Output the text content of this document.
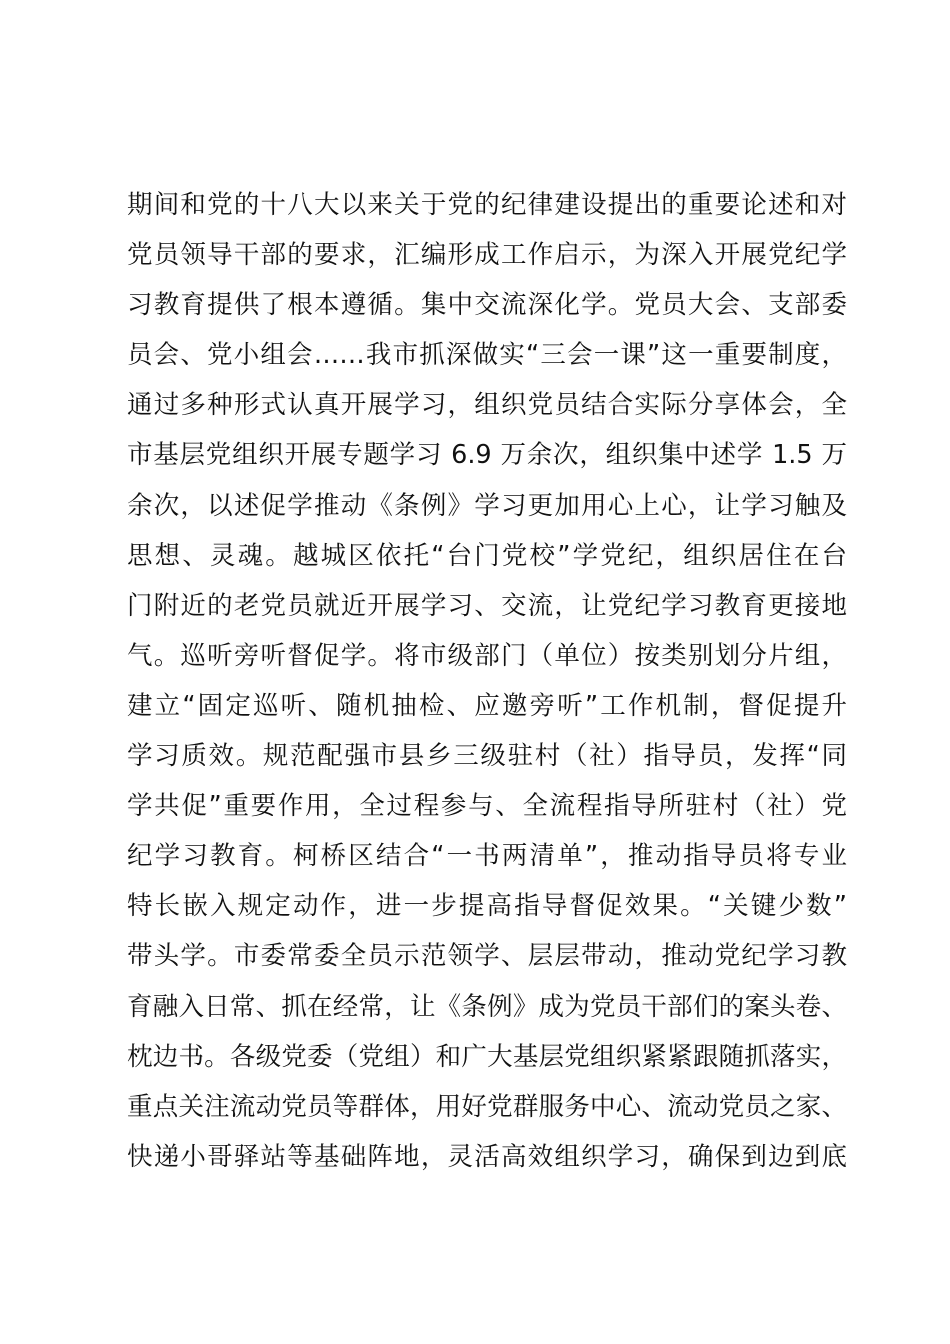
期间和党的十八大以来关于党的纪律建设提出的重要论述和对
党员领导干部的要求，汇编形成工作启示，为深入开展党纪学
习教育提供了根本遵循。集中交流深化学。党员大会、支部委
员会、党小组会……我市抓深做实“三会一课”这一重要制度，
通过多种形式认真开展学习，组织党员结合实际分享体会，全
市基层党组织开展专题学习 6.9 万余次，组织集中述学 1.5 万
余次，以述促学推动《条例》学习更加用心上心，让学习触及
思想、灵魂。越城区依托“台门党校”学党纪，组织居住在台
门附近的老党员就近开展学习、交流，让党纪学习教育更接地
气。巡听旁听督促学。将市级部门（单位）按类别划分片组，
建立“固定巡听、随机抽检、应邀旁听”工作机制，督促提升
学习质效。规范配强市县乡三级驻村（社）指导员，发挥“同
学共促”重要作用，全过程参与、全流程指导所驻村（社）党
纪学习教育。柯桥区结合“一书两清单”，推动指导员将专业
特长嵌入规定动作，进一步提高指导督促效果。“关键少数”
带头学。市委常委全员示范领学、层层带动，推动党纪学习教
育融入日常、抓在经常，让《条例》成为党员干部们的案头卷、
枕边书。各级党委（党组）和广大基层党组织紧紧跟随抓落实，
重点关注流动党员等群体，用好党群服务中心、流动党员之家、
快递小哥驿站等基础阵地，灵活高效组织学习，确保到边到底
